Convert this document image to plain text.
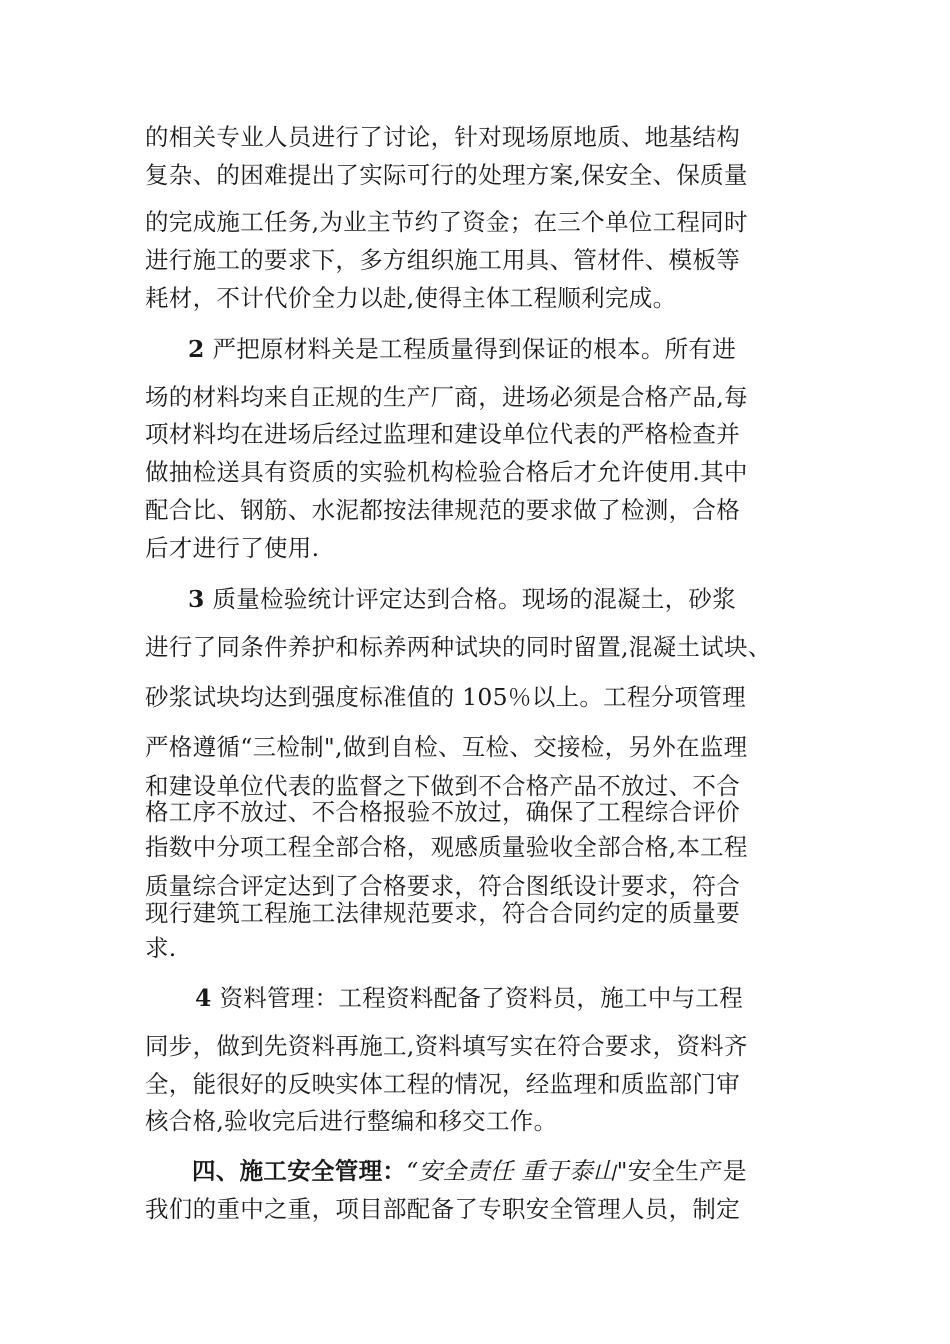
的相关专业人员进行了讨论，针对现场原地质、地基结构
复杂、的困难提出了实际可行的处理方案,保安全、保质量
的完成施工任务,为业主节约了资金；在三个单位工程同时
进行施工的要求下，多方组织施工用具、管材件、模板等
耗材，不计代价全力以赴,使得主体工程顺利完成。
2 严把原材料关是工程质量得到保证的根本。所有进
场的材料均来自正规的生产厂商，进场必须是合格产品,每
项材料均在进场后经过监理和建设单位代表的严格检查并
做抽检送具有资质的实验机构检验合格后才允许使用.其中
配合比、钢筋、水泥都按法律规范的要求做了检测，合格
后才进行了使用.
3 质量检验统计评定达到合格。现场的混凝土，砂浆
进行了同条件养护和标养两种试块的同时留置,混凝土试块、
砂浆试块均达到强度标准值的 105％以上。工程分项管理
严格遵循“三检制",做到自检、互检、交接检，另外在监理
和建设单位代表的监督之下做到不合格产品不放过、不合
格工序不放过、不合格报验不放过，确保了工程综合评价
指数中分项工程全部合格，观感质量验收全部合格,本工程
质量综合评定达到了合格要求，符合图纸设计要求，符合
现行建筑工程施工法律规范要求，符合合同约定的质量要
求.
4 资料管理：工程资料配备了资料员，施工中与工程
同步，做到先资料再施工,资料填写实在符合要求，资料齐
全，能很好的反映实体工程的情况，经监理和质监部门审
核合格,验收完后进行整编和移交工作。
四、施工安全管理：“安全责任 重于泰山"安全生产是
我们的重中之重，项目部配备了专职安全管理人员，制定
